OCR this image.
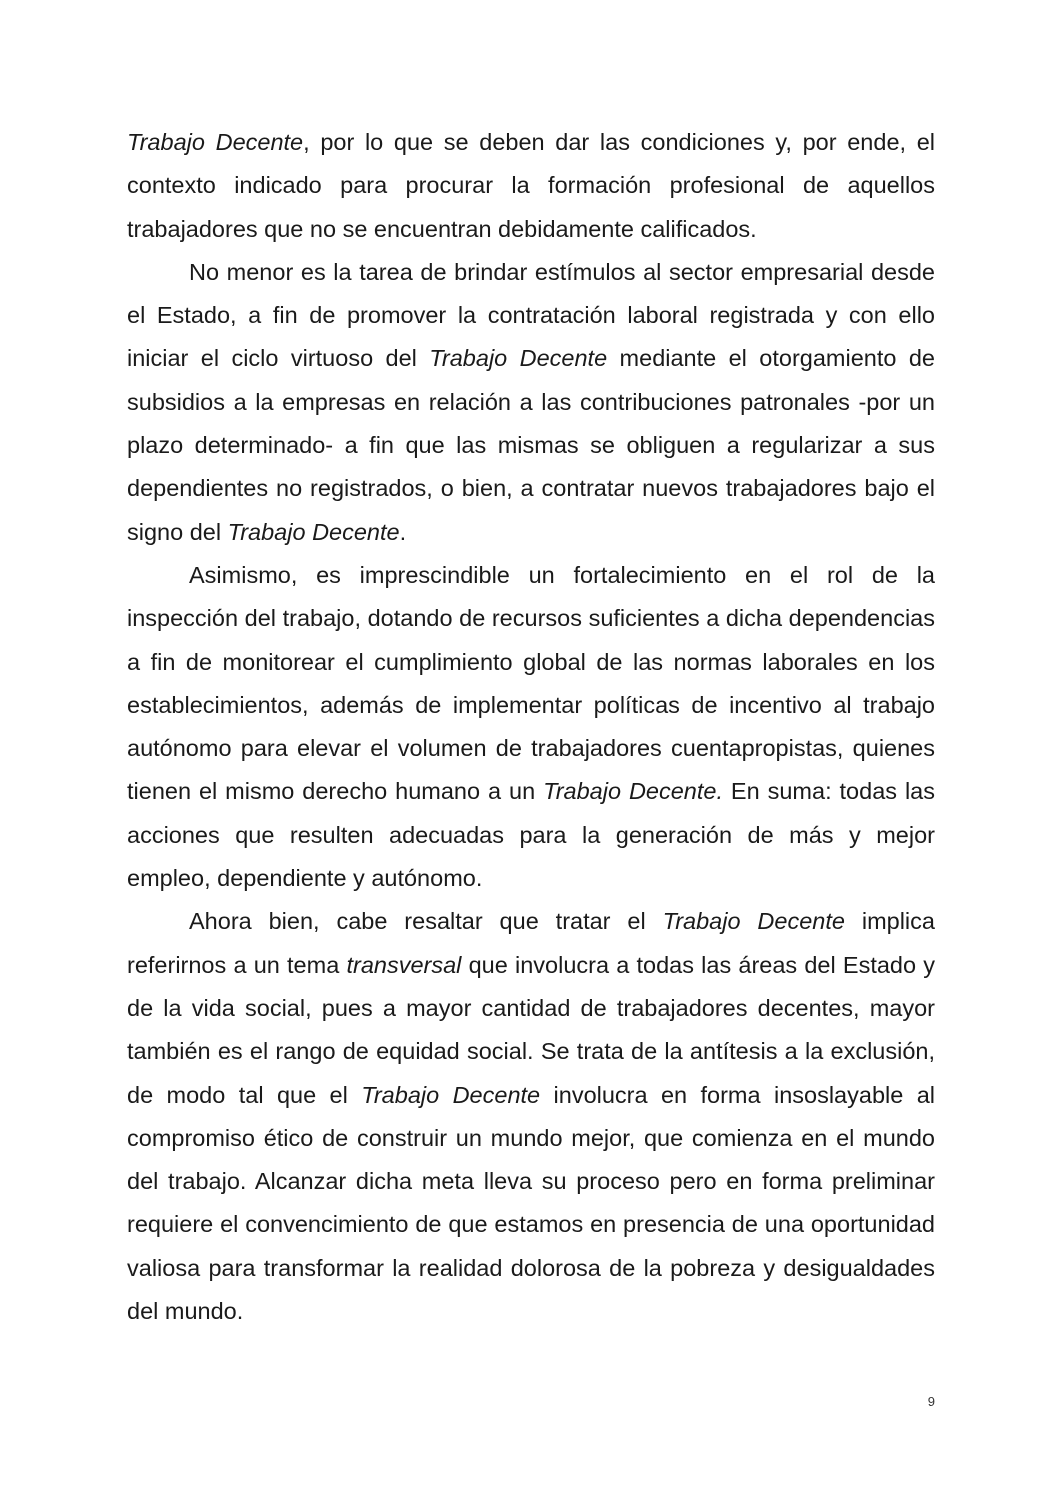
Trabajo Decente, por lo que se deben dar las condiciones y, por ende, el contexto indicado para procurar la formación profesional de aquellos trabajadores que no se encuentran debidamente calificados.

No menor es la tarea de brindar estímulos al sector empresarial desde el Estado, a fin de promover la contratación laboral registrada y con ello iniciar el ciclo virtuoso del Trabajo Decente mediante el otorgamiento de subsidios a la empresas en relación a las contribuciones patronales -por un plazo determinado- a fin que las mismas se obliguen a regularizar a sus dependientes no registrados, o bien, a contratar nuevos trabajadores bajo el signo del Trabajo Decente.

Asimismo, es imprescindible un fortalecimiento en el rol de la inspección del trabajo, dotando de recursos suficientes a dicha dependencias a fin de monitorear el cumplimiento global de las normas laborales en los establecimientos, además de implementar políticas de incentivo al trabajo autónomo para elevar el volumen de trabajadores cuentapropistas, quienes tienen el mismo derecho humano a un Trabajo Decente. En suma: todas las acciones que resulten adecuadas para la generación de más y mejor empleo, dependiente y autónomo.

Ahora bien, cabe resaltar que tratar el Trabajo Decente implica referirnos a un tema transversal que involucra a todas las áreas del Estado y de la vida social, pues a mayor cantidad de trabajadores decentes, mayor también es el rango de equidad social. Se trata de la antítesis a la exclusión, de modo tal que el Trabajo Decente involucra en forma insoslayable al compromiso ético de construir un mundo mejor, que comienza en el mundo del trabajo. Alcanzar dicha meta lleva su proceso pero en forma preliminar requiere el convencimiento de que estamos en presencia de una oportunidad valiosa para transformar la realidad dolorosa de la pobreza y desigualdades del mundo.

9
